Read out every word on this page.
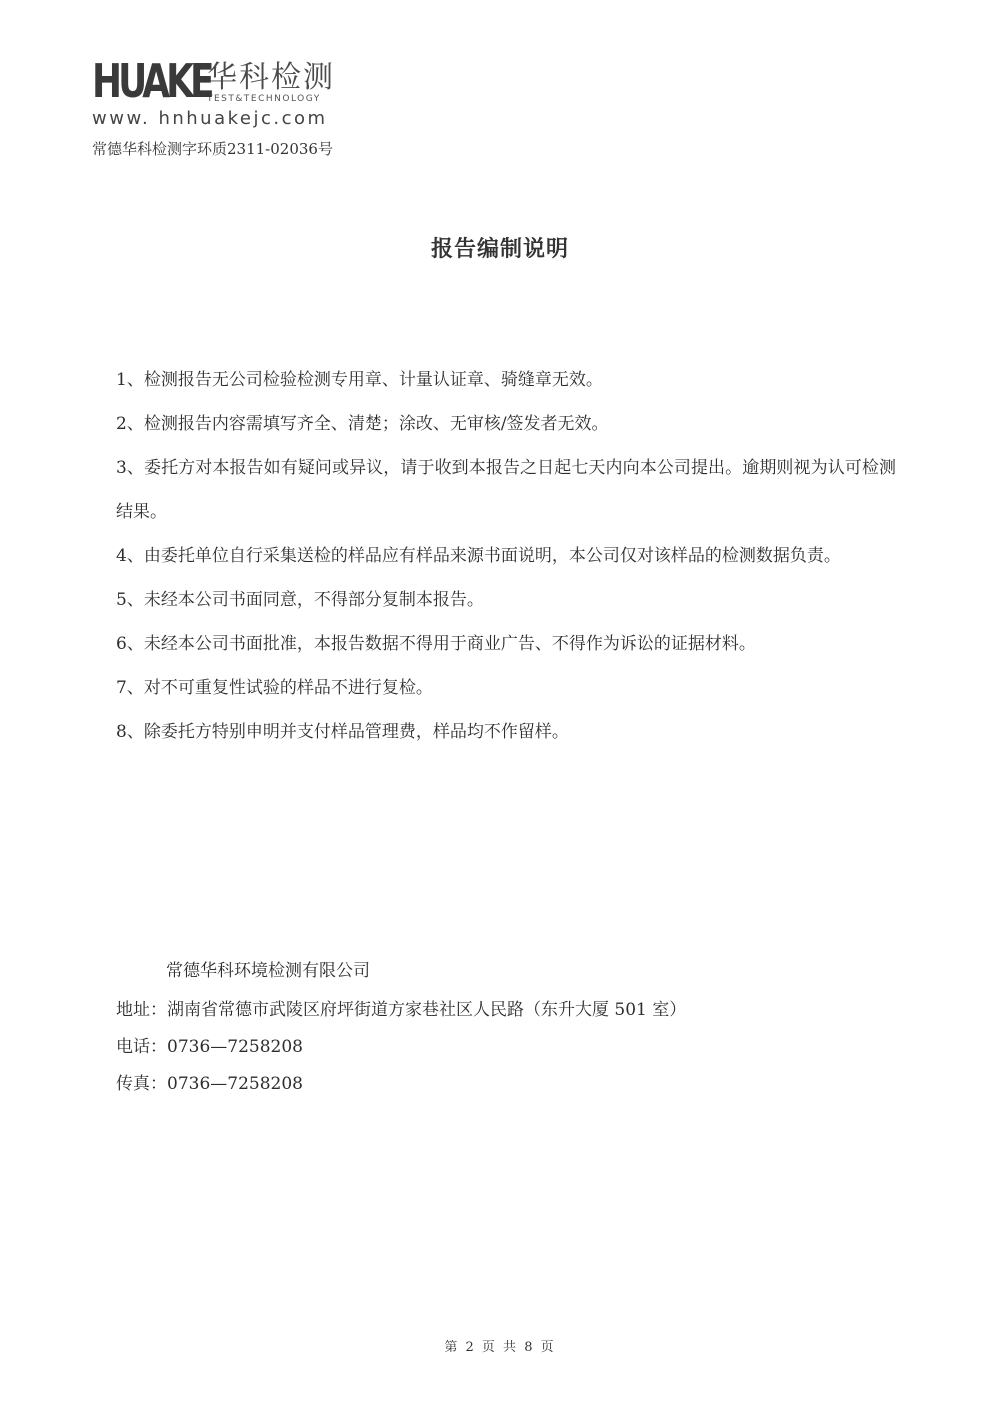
HUAKE
华科检测
TEST&TECHNOLOGY
www. hnhuakejc.com
常德华科检测字环质2311-02036号
报告编制说明
1、检测报告无公司检验检测专用章、计量认证章、骑缝章无效。
2、检测报告内容需填写齐全、清楚；涂改、无审核/签发者无效。
3、委托方对本报告如有疑问或异议，请于收到本报告之日起七天内向本公司提出。逾期则视为认可检测结果。
4、由委托单位自行采集送检的样品应有样品来源书面说明，本公司仅对该样品的检测数据负责。
5、未经本公司书面同意，不得部分复制本报告。
6、未经本公司书面批准，本报告数据不得用于商业广告、不得作为诉讼的证据材料。
7、对不可重复性试验的样品不进行复检。
8、除委托方特别申明并支付样品管理费，样品均不作留样。
常德华科环境检测有限公司
地址：湖南省常德市武陵区府坪街道方家巷社区人民路（东升大厦 501 室）
电话：0736—7258208
传真：0736—7258208
第 2 页 共 8 页
